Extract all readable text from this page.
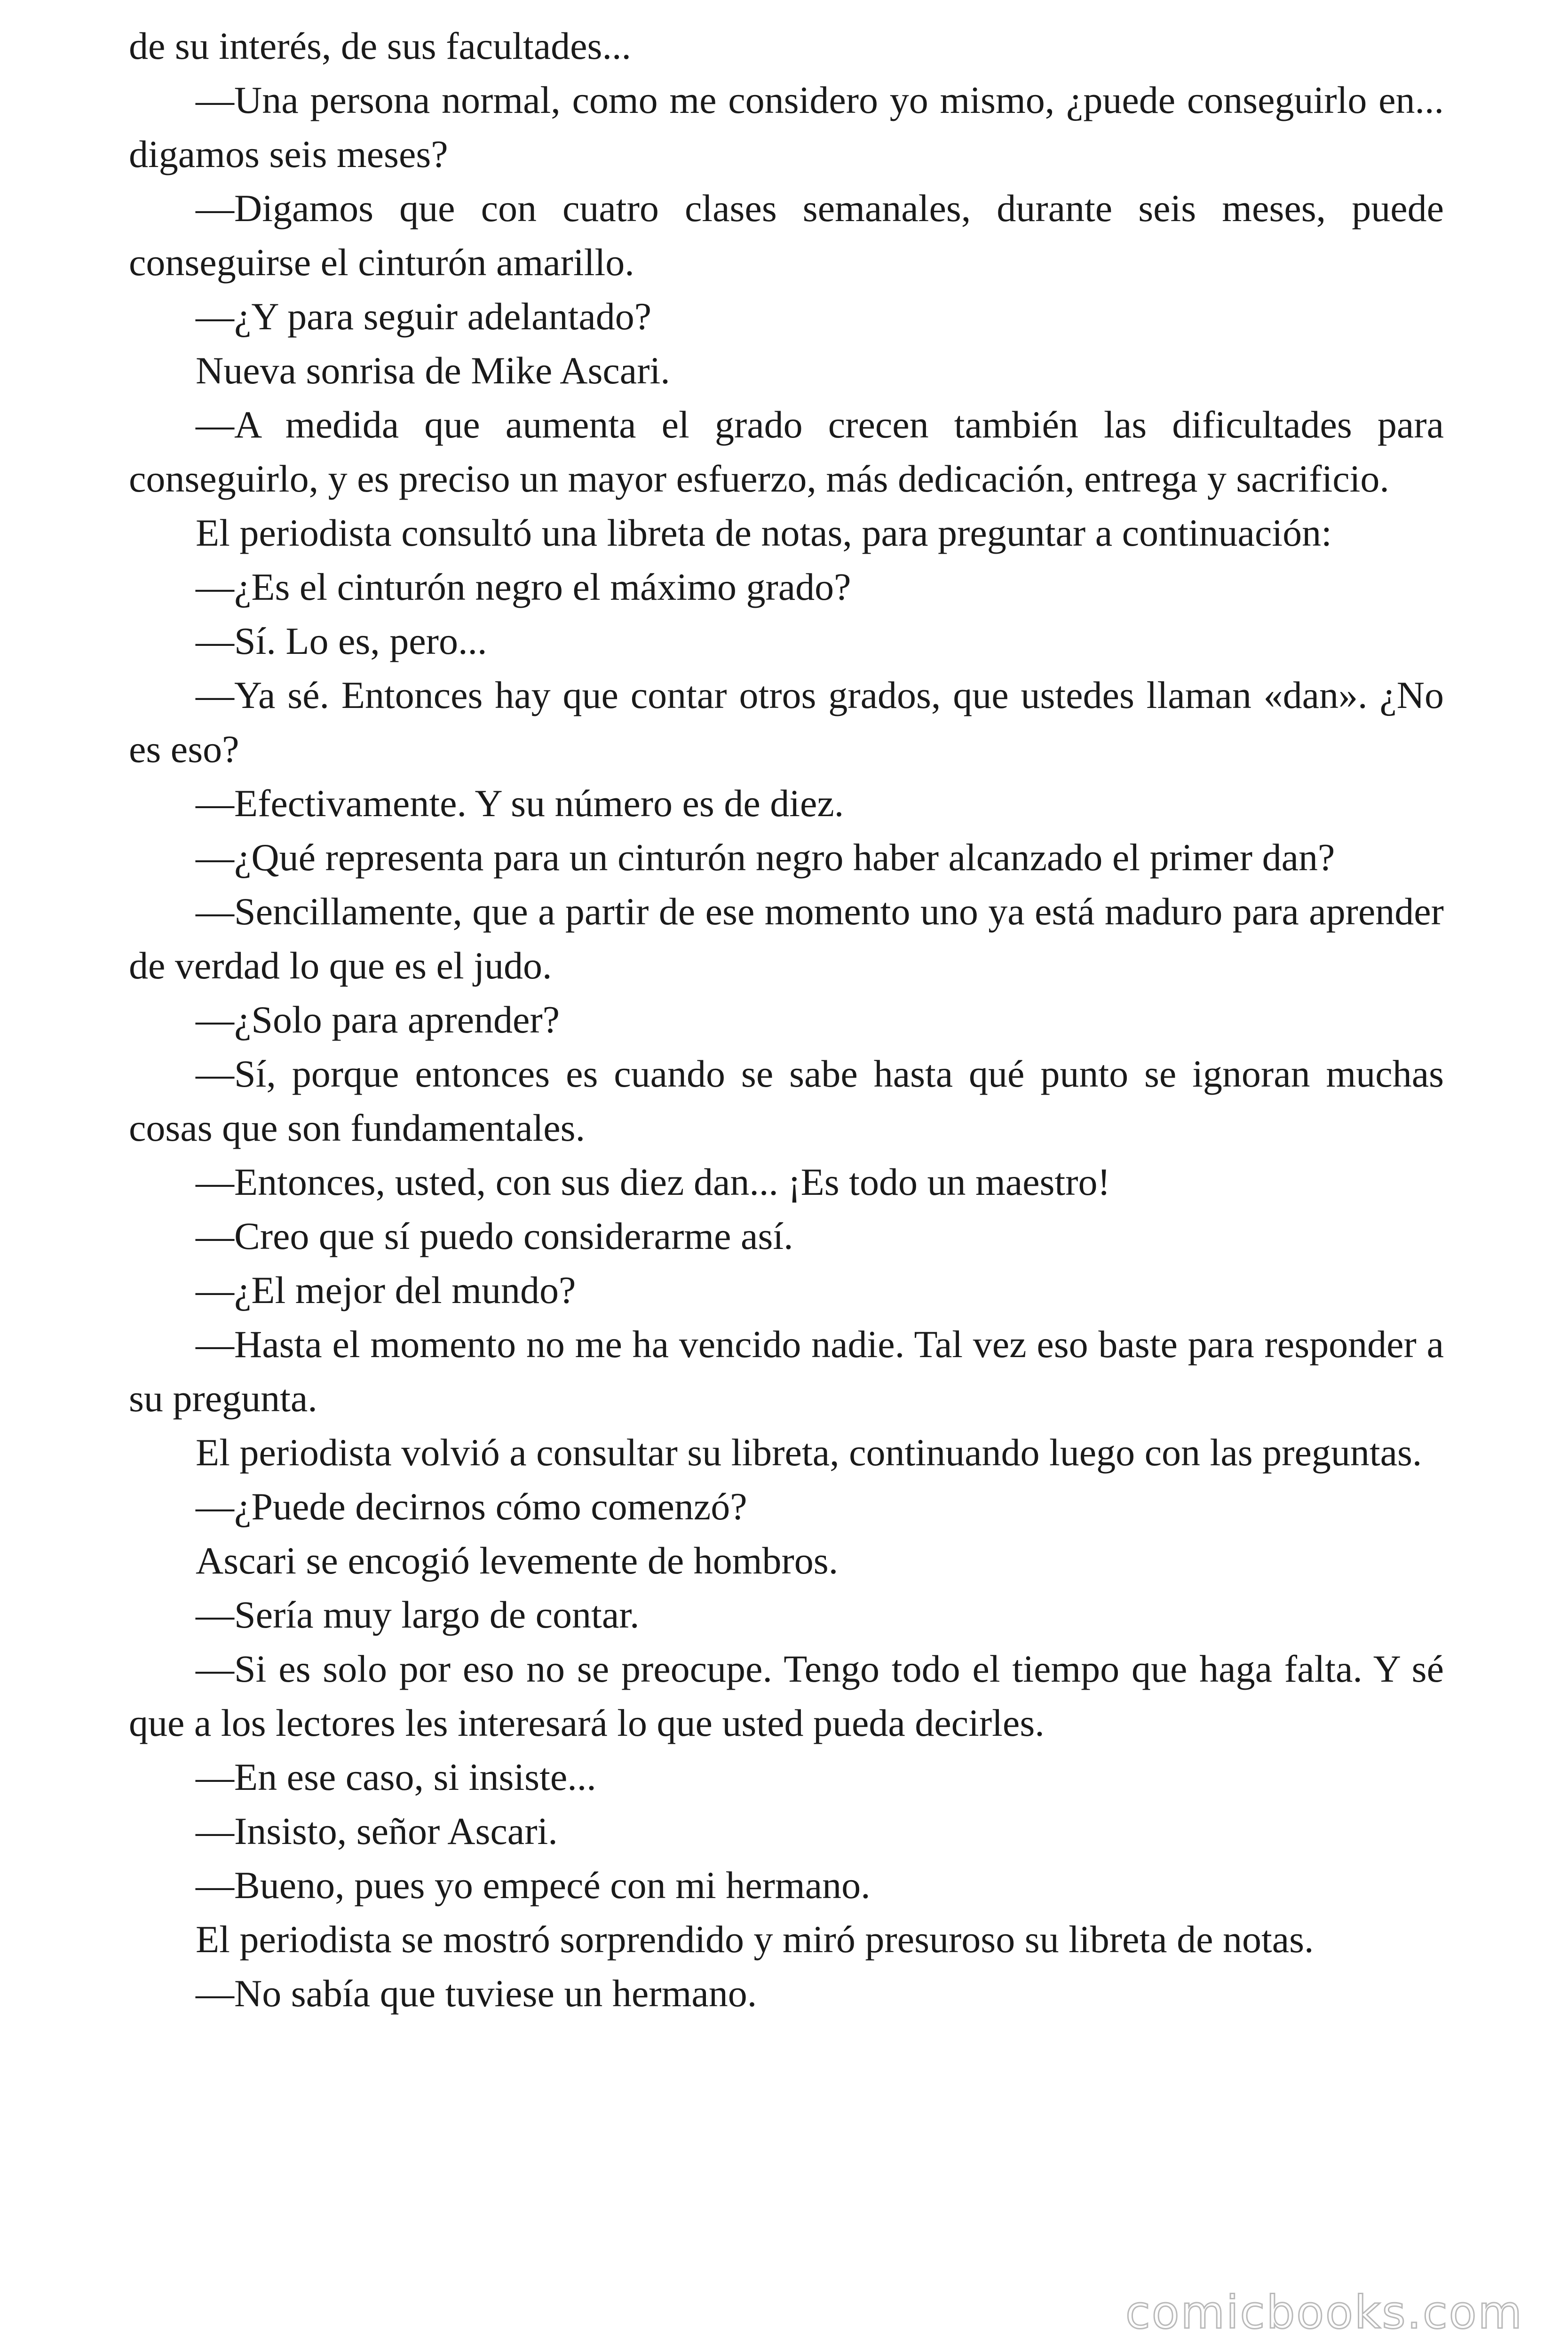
de su interés, de sus facultades...

—Una persona normal, como me considero yo mismo, ¿puede conseguirlo en... digamos seis meses?

—Digamos que con cuatro clases semanales, durante seis meses, puede conseguirse el cinturón amarillo.

—¿Y para seguir adelantado?

Nueva sonrisa de Mike Ascari.

—A medida que aumenta el grado crecen también las dificultades para conseguirlo, y es preciso un mayor esfuerzo, más dedicación, entrega y sacrificio.

El periodista consultó una libreta de notas, para preguntar a continuación:

—¿Es el cinturón negro el máximo grado?

—Sí. Lo es, pero...

—Ya sé. Entonces hay que contar otros grados, que ustedes llaman «dan». ¿No es eso?

—Efectivamente. Y su número es de diez.

—¿Qué representa para un cinturón negro haber alcanzado el primer dan?

—Sencillamente, que a partir de ese momento uno ya está maduro para aprender de verdad lo que es el judo.

—¿Solo para aprender?

—Sí, porque entonces es cuando se sabe hasta qué punto se ignoran muchas cosas que son fundamentales.

—Entonces, usted, con sus diez dan... ¡Es todo un maestro!

—Creo que sí puedo considerarme así.

—¿El mejor del mundo?

—Hasta el momento no me ha vencido nadie. Tal vez eso baste para responder a su pregunta.

El periodista volvió a consultar su libreta, continuando luego con las preguntas.

—¿Puede decirnos cómo comenzó?

Ascari se encogió levemente de hombros.

—Sería muy largo de contar.

—Si es solo por eso no se preocupe. Tengo todo el tiempo que haga falta. Y sé que a los lectores les interesará lo que usted pueda decirles.

—En ese caso, si insiste...

—Insisto, señor Ascari.

—Bueno, pues yo empecé con mi hermano.

El periodista se mostró sorprendido y miró presuroso su libreta de notas.

—No sabía que tuviese un hermano.

comicbooks.com
